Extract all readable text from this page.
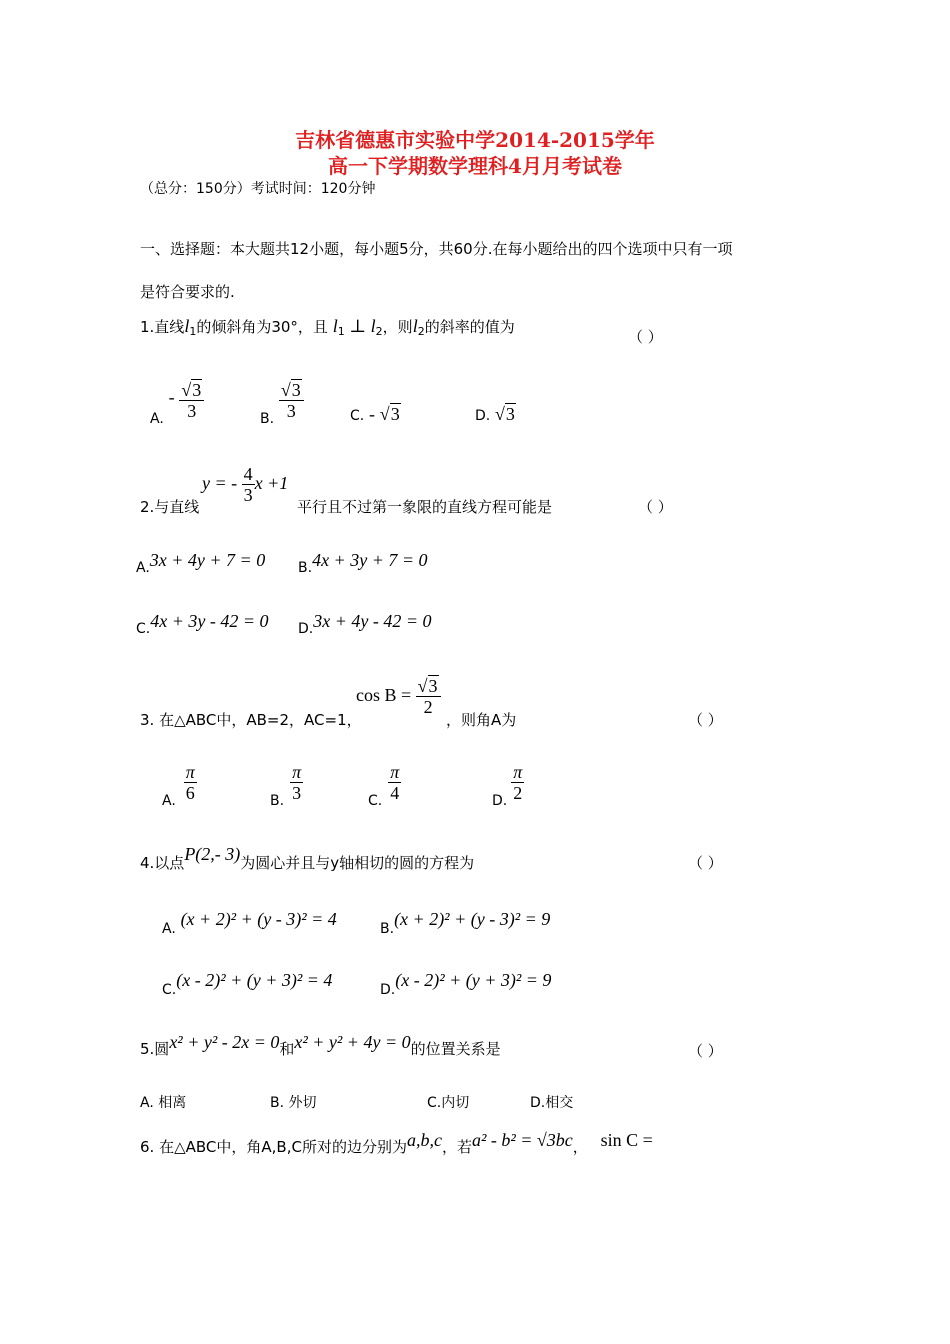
吉林省德惠市实验中学2014-2015学年
高一下学期数学理科4月月考试卷
（总分：150分）考试时间：120分钟
一、选择题：本大题共12小题，每小题5分，共60分.在每小题给出的四个选项中只有一项
是符合要求的.
1.直线$l_1$的倾斜角为30°，且 $l_1$ ⊥ $l_2$，则$l_2$的斜率的值为
（ ）
A. - $\frac{√3}{3}$	B. $\frac{√3}{3}$	C. - √3	D. √3
2.与直线
y = - $\frac{4}{3}$ x +1
平行且不过第一象限的直线方程可能是	（ ）
A.3x + 4y + 7 = 0 B.4x + 3y + 7 = 0
C.4x + 3y - 42 = 0 D.3x + 4y - 42 = 0
3. 在△ABC中，AB=2，AC=1，
$\cos B = \frac{√3}{2}$
，则角A为	（ ）
A. $\frac{\pi}{6}$	B. $\frac{\pi}{3}$	C. $\frac{\pi}{4}$	D. $\frac{\pi}{2}$
4.以点P(2,- 3)为圆心并且与y轴相切的圆的方程为	（ ）
A. (x + 2)² + (y - 3)² = 4	B.(x + 2)² + (y - 3)² = 9
C.(x - 2)² + (y + 3)² = 4	D.(x - 2)² + (y + 3)² = 9
5.圆x² + y² - 2x = 0和x² + y² + 4y = 0的位置关系是	（ ）
A. 相离	B. 外切	C.内切	D.相交
6. 在△ABC中，角A,B,C所对的边分别为a,b,c，若a² - b² = √3bc， sin C =
